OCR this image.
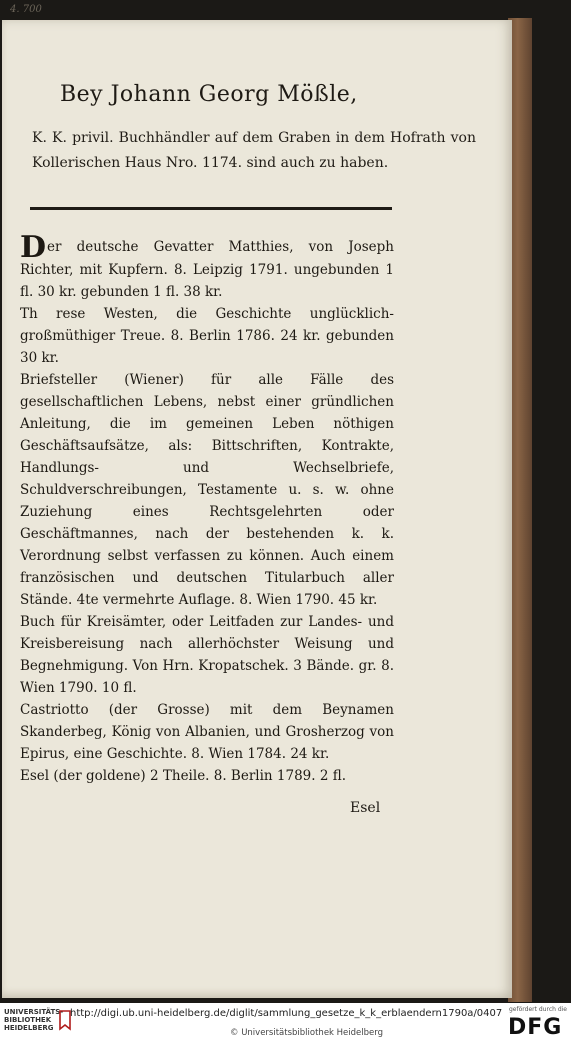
4. 700
Bey Johann Georg Mößle,
K. K. privil. Buchhändler auf dem Graben in dem Hofrath von Kollerischen Haus Nro. 1174. sind auch zu haben.

Der deutsche Gevatter Matthies, von Joseph Richter, mit Kupfern. 8. Leipzig 1791. ungebunden 1 fl. 30 kr. gebunden 1 fl. 38 kr.

Th rese Westen, die Geschichte unglücklich-großmüthiger Treue. 8. Berlin 1786. 24 kr. gebunden 30 kr.

Briefsteller (Wiener) für alle Fälle des gesellschaftlichen Lebens, nebst einer gründlichen Anleitung, die im gemeinen Leben nöthigen Geschäftsaufsätze, als: Bittschriften, Kontrakte, Handlungs- und Wechselbriefe, Schuldverschreibungen, Testamente u. s. w. ohne Zuziehung eines Rechtsgelehrten oder Geschäftmannes, nach der bestehenden k. k. Verordnung selbst verfassen zu können. Auch einem französischen und deutschen Titularbuch aller Stände. 4te vermehrte Auflage. 8. Wien 1790. 45 kr.

Buch für Kreisämter, oder Leitfaden zur Landes- und Kreisbereisung nach allerhöchster Weisung und Begnehmigung. Von Hrn. Kropatschek. 3 Bände. gr. 8. Wien 1790. 10 fl.

Castriotto (der Grosse) mit dem Beynamen Skanderbeg, König von Albanien, und Grosherzog von Epirus, eine Geschichte. 8. Wien 1784. 24 kr.

Esel (der goldene) 2 Theile. 8. Berlin 1789. 2 fl.

Esel
UNIVERSITÄTS-BIBLIOTHEK HEIDELBERG
http://digi.ub.uni-heidelberg.de/diglit/sammlung_gesetze_k_k_erblaendern1790a/0407
© Universitätsbibliothek Heidelberg
gefördert durch die
DFG
